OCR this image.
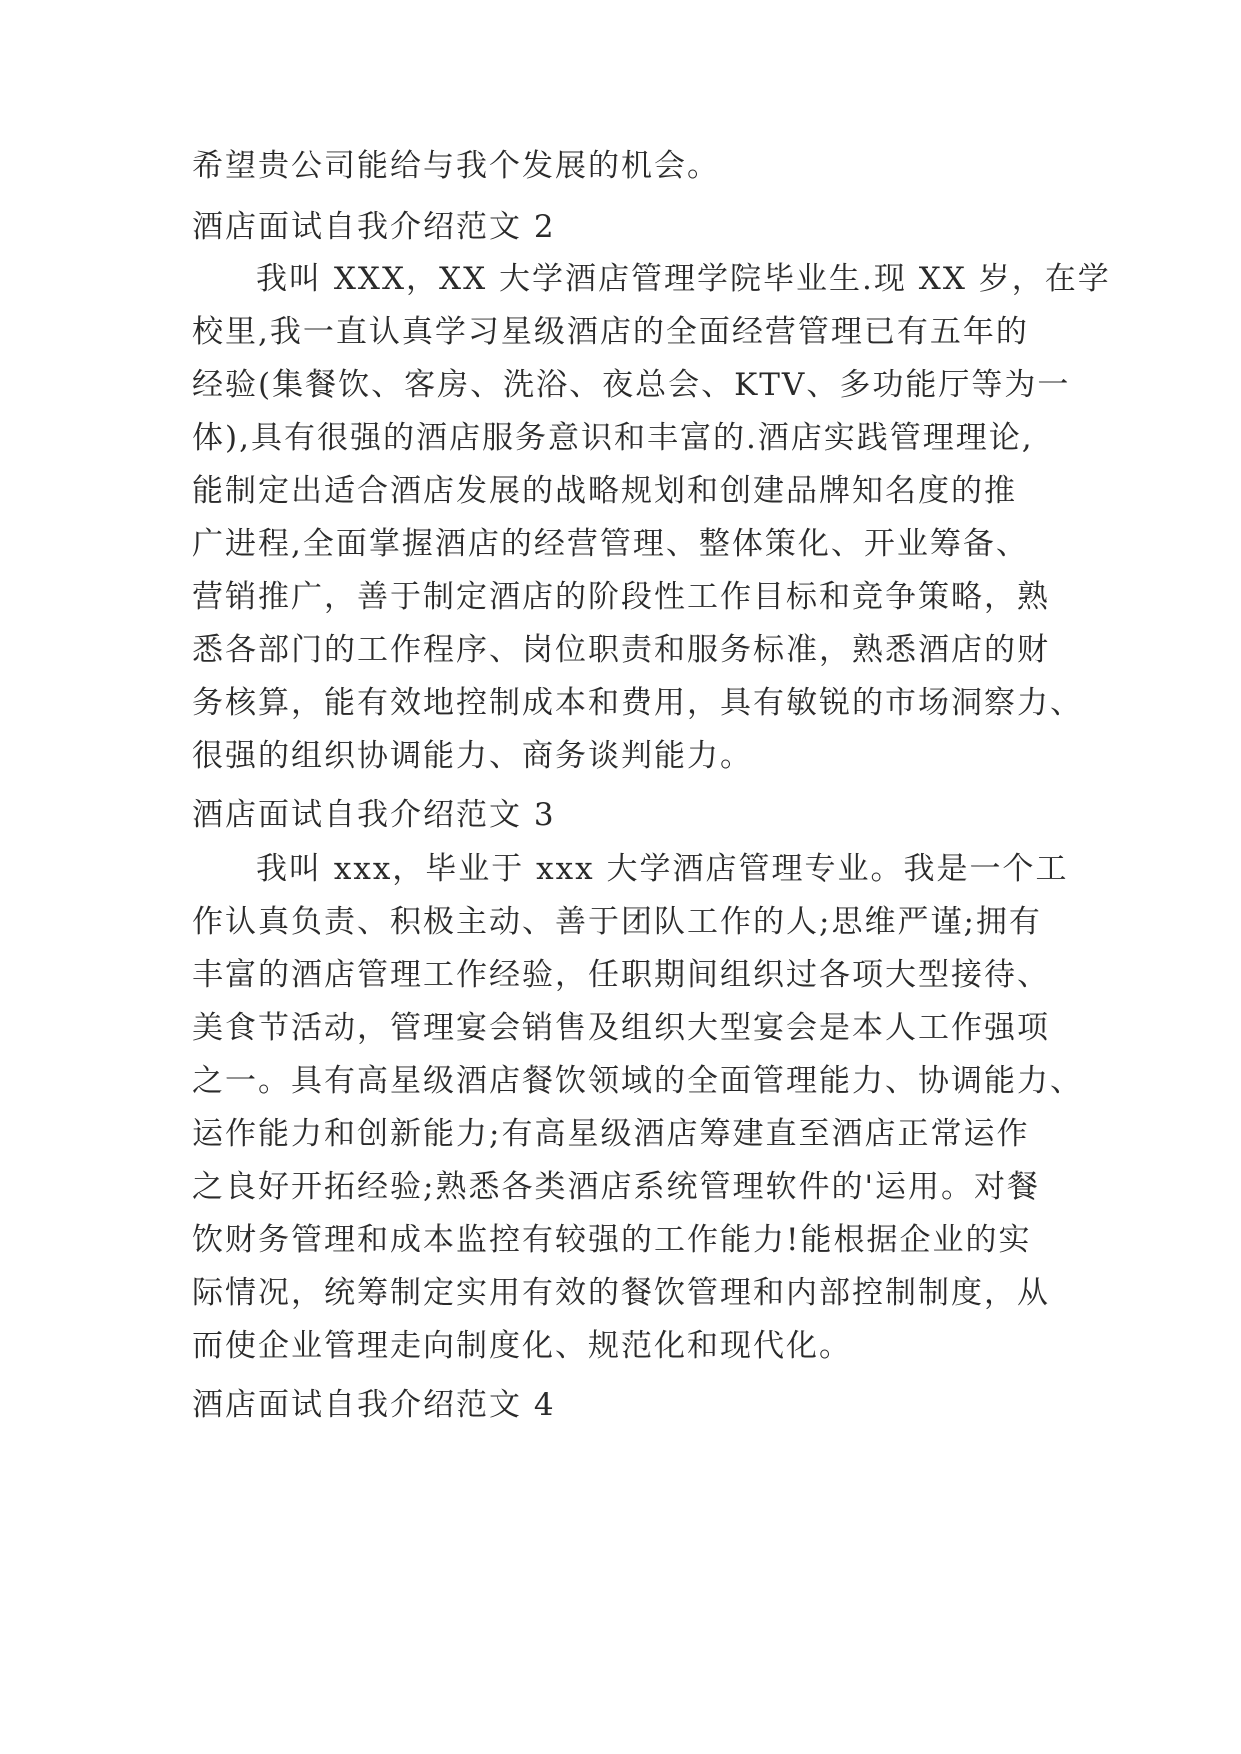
希望贵公司能给与我个发展的机会。
酒店面试自我介绍范文 2
我叫 XXX，XX 大学酒店管理学院毕业生.现 XX 岁，在学
校里,我一直认真学习星级酒店的全面经营管理已有五年的
经验(集餐饮、客房、洗浴、夜总会、KTV、多功能厅等为一
体),具有很强的酒店服务意识和丰富的.酒店实践管理理论,
能制定出适合酒店发展的战略规划和创建品牌知名度的推
广进程,全面掌握酒店的经营管理、整体策化、开业筹备、
营销推广，善于制定酒店的阶段性工作目标和竞争策略，熟
悉各部门的工作程序、岗位职责和服务标准，熟悉酒店的财
务核算，能有效地控制成本和费用，具有敏锐的市场洞察力、
很强的组织协调能力、商务谈判能力。
酒店面试自我介绍范文 3
我叫 xxx，毕业于 xxx 大学酒店管理专业。我是一个工
作认真负责、积极主动、善于团队工作的人;思维严谨;拥有
丰富的酒店管理工作经验，任职期间组织过各项大型接待、
美食节活动，管理宴会销售及组织大型宴会是本人工作强项
之一。具有高星级酒店餐饮领域的全面管理能力、协调能力、
运作能力和创新能力;有高星级酒店筹建直至酒店正常运作
之良好开拓经验;熟悉各类酒店系统管理软件的'运用。对餐
饮财务管理和成本监控有较强的工作能力!能根据企业的实
际情况，统筹制定实用有效的餐饮管理和内部控制制度，从
而使企业管理走向制度化、规范化和现代化。
酒店面试自我介绍范文 4
